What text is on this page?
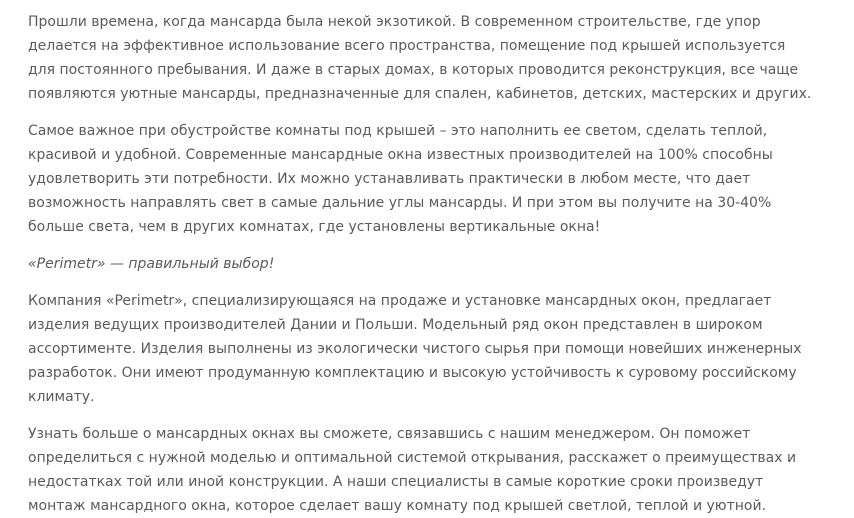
Прошли времена, когда мансарда была некой экзотикой. В современном строительстве, где упор делается на эффективное использование всего пространства, помещение под крышей используется для постоянного пребывания. И даже в старых домах, в которых проводится реконструкция, все чаще появляются уютные мансарды, предназначенные для спален, кабинетов, детских, мастерских и других.

Самое важное при обустройстве комнаты под крышей – это наполнить ее светом, сделать теплой, красивой и удобной. Современные мансардные окна известных производителей на 100% способны удовлетворить эти потребности. Их можно устанавливать практически в любом месте, что дает возможность направлять свет в самые дальние углы мансарды. И при этом вы получите на 30-40% больше света, чем в других комнатах, где установлены вертикальные окна!

«Perimetr» — правильный выбор!

Компания «Perimetr», специализирующаяся на продаже и установке мансардных окон, предлагает изделия ведущих производителей Дании и Польши. Модельный ряд окон представлен в широком ассортименте. Изделия выполнены из экологически чистого сырья при помощи новейших инженерных разработок. Они имеют продуманную комплектацию и высокую устойчивость к суровому российскому климату.

Узнать больше о мансардных окнах вы сможете, связавшись с нашим менеджером. Он поможет определиться с нужной моделью и оптимальной системой открывания, расскажет о преимуществах и недостатках той или иной конструкции. А наши специалисты в самые короткие сроки произведут монтаж мансардного окна, которое сделает вашу комнату под крышей светлой, теплой и уютной.
